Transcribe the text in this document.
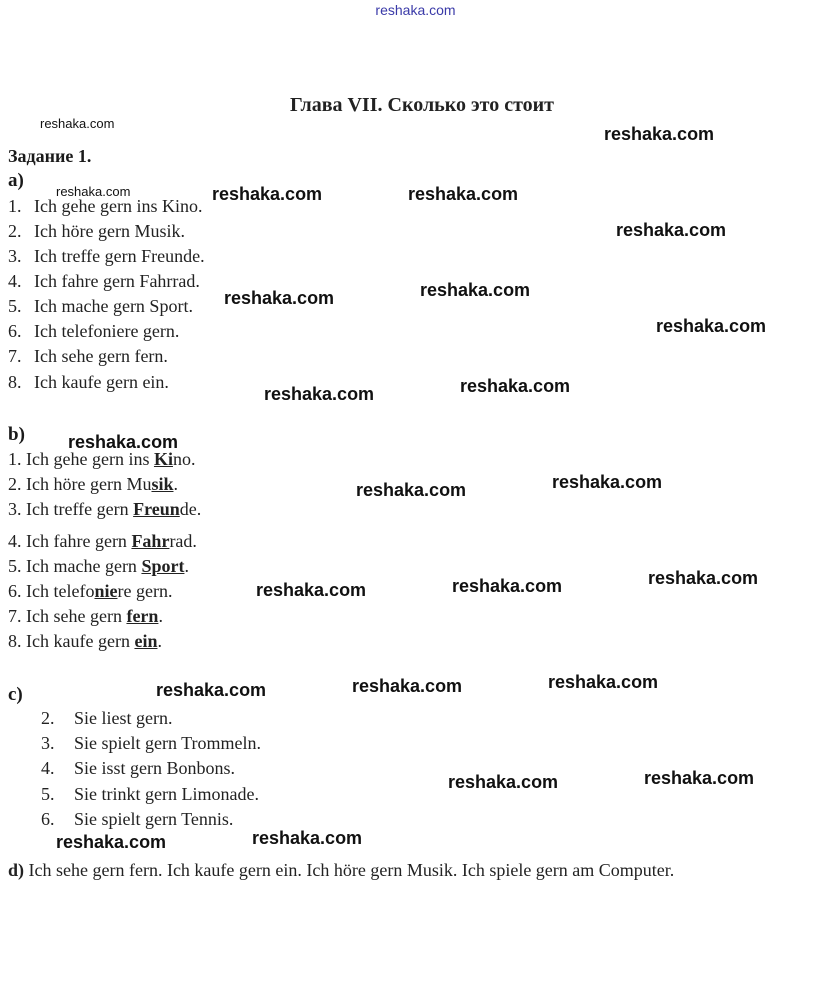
reshaka.com
Глава VII. Сколько это стоит
Задание 1.
a)
1. Ich gehe gern ins Kino.
2. Ich höre gern Musik.
3. Ich treffe gern Freunde.
4. Ich fahre gern Fahrrad.
5. Ich mache gern Sport.
6. Ich telefoniere gern.
7. Ich sehe gern fern.
8. Ich kaufe gern ein.
b)
1. Ich gehe gern ins Kino.
2. Ich höre gern Musik.
3. Ich treffe gern Freunde.
4. Ich fahre gern Fahrrad.
5. Ich mache gern Sport.
6. Ich telefoniere gern.
7. Ich sehe gern fern.
8. Ich kaufe gern ein.
c)
2. Sie liest gern.
3. Sie spielt gern Trommeln.
4. Sie isst gern Bonbons.
5. Sie trinkt gern Limonade.
6. Sie spielt gern Tennis.
d) Ich sehe gern fern. Ich kaufe gern ein. Ich höre gern Musik. Ich spiele gern am Computer.
reshaka.com
reshaka.com
reshaka.com	reshaka.com	reshaka.com
reshaka.com
reshaka.com	reshaka.com
reshaka.com
reshaka.com	reshaka.com
reshaka.com
reshaka.com	reshaka.com
reshaka.com	reshaka.com	reshaka.com
reshaka.com	reshaka.com	reshaka.com
reshaka.com	reshaka.com
reshaka.com	reshaka.com
